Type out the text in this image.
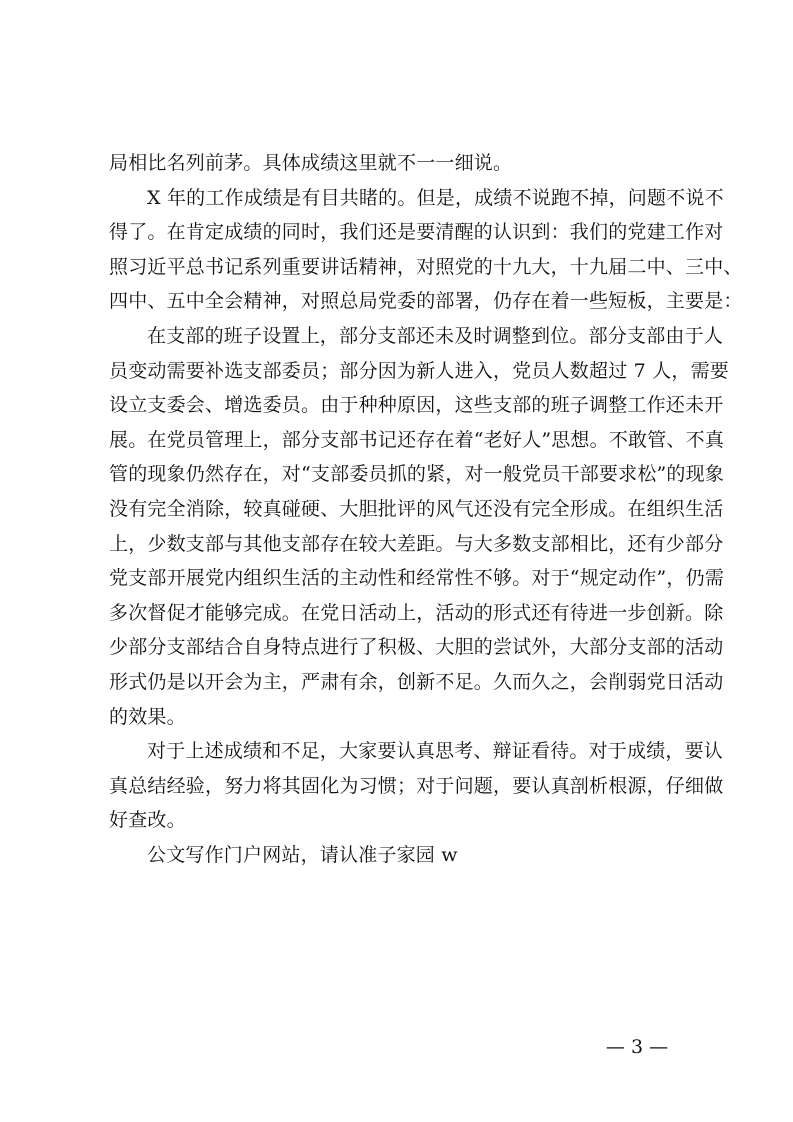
局相比名列前茅。具体成绩这里就不一一细说。
X 年的工作成绩是有目共睹的。但是，成绩不说跑不掉，问题不说不
得了。在肯定成绩的同时，我们还是要清醒的认识到：我们的党建工作对
照习近平总书记系列重要讲话精神，对照党的十九大，十九届二中、三中、
四中、五中全会精神，对照总局党委的部署，仍存在着一些短板，主要是：
在支部的班子设置上，部分支部还未及时调整到位。部分支部由于人
员变动需要补选支部委员；部分因为新人进入，党员人数超过 7 人，需要
设立支委会、增选委员。由于种种原因，这些支部的班子调整工作还未开
展。在党员管理上，部分支部书记还存在着“老好人”思想。不敢管、不真
管的现象仍然存在，对“支部委员抓的紧，对一般党员干部要求松”的现象
没有完全消除，较真碰硬、大胆批评的风气还没有完全形成。在组织生活
上，少数支部与其他支部存在较大差距。与大多数支部相比，还有少部分
党支部开展党内组织生活的主动性和经常性不够。对于“规定动作”，仍需
多次督促才能够完成。在党日活动上，活动的形式还有待进一步创新。除
少部分支部结合自身特点进行了积极、大胆的尝试外，大部分支部的活动
形式仍是以开会为主，严肃有余，创新不足。久而久之，会削弱党日活动
的效果。
对于上述成绩和不足，大家要认真思考、辩证看待。对于成绩，要认
真总结经验，努力将其固化为习惯；对于问题，要认真剖析根源，仔细做
好查改。
公文写作门户网站，请认准子家园 w
— 3 —
